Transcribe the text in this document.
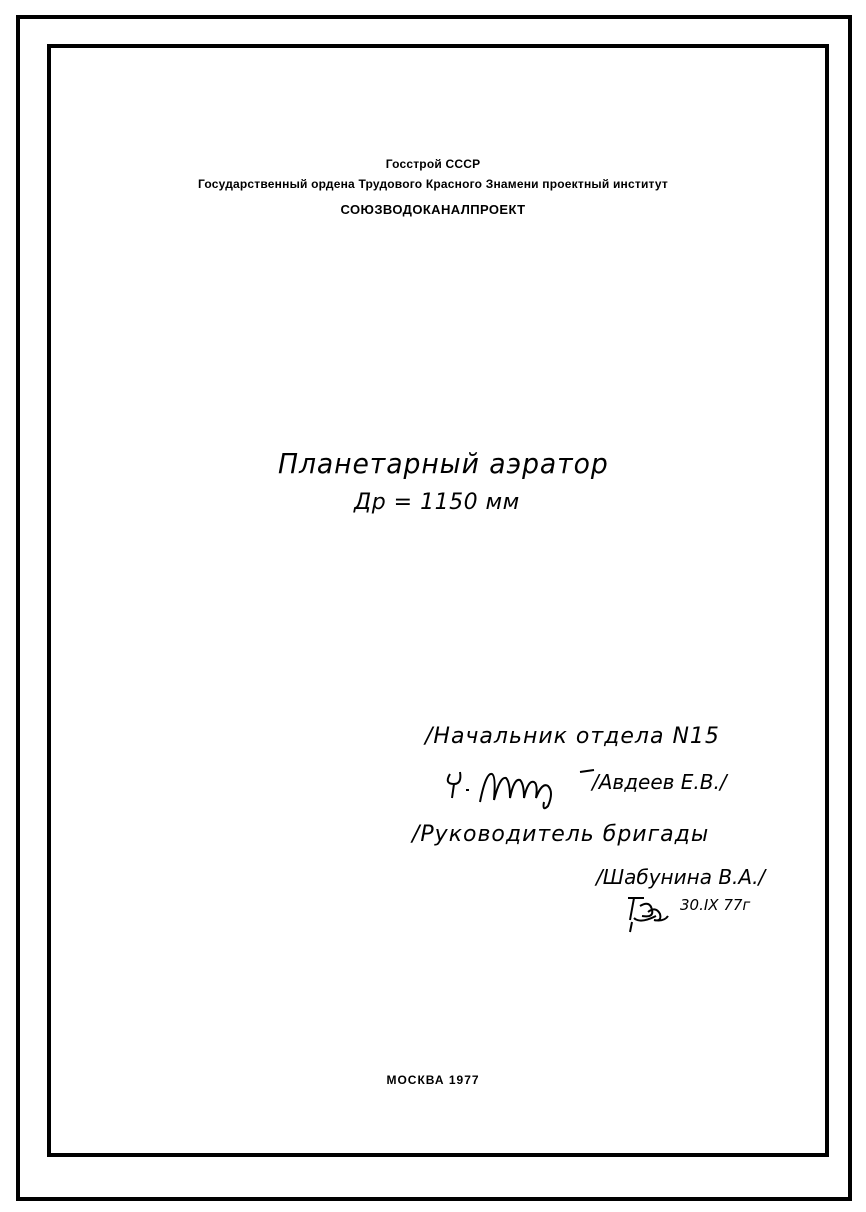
Госстрой СССР
Государственный ордена Трудового Красного Знамени проектный институт
СОЮЗВОДОКАНАЛПРОЕКТ
Планетарный аэратор
Др = 1150 мм
/Начальник отдела N15
/Авдеев Е.В./
/Руководитель бригады
/Шабунина В.А./
30.IX 77г
МОСКВА 1977
